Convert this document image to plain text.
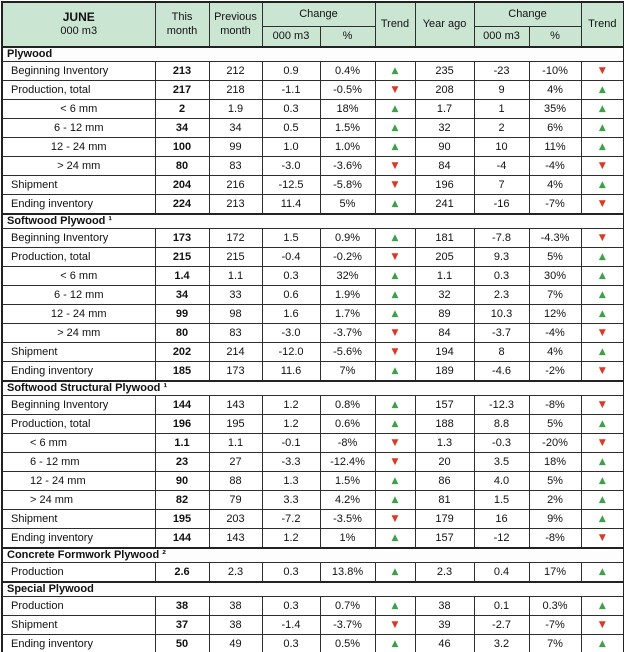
JUNE
000 m3	This month	Previous month	Change		Trend	Year ago	Change		Trend
			000 m3	%			000 m3	%	
Plywood									
Beginning Inventory	213	212	0.9	0.4%	▲	235	-23	-10%	▼
Production, total	217	218	-1.1	-0.5%	▼	208	9	4%	▲
< 6 mm	2	1.9	0.3	18%	▲	1.7	1	35%	▲
6 - 12 mm	34	34	0.5	1.5%	▲	32	2	6%	▲
12 - 24 mm	100	99	1.0	1.0%	▲	90	10	11%	▲
> 24 mm	80	83	-3.0	-3.6%	▼	84	-4	-4%	▼
Shipment	204	216	-12.5	-5.8%	▼	196	7	4%	▲
Ending inventory	224	213	11.4	5%	▲	241	-16	-7%	▼
Softwood Plywood ¹									
Beginning Inventory	173	172	1.5	0.9%	▲	181	-7.8	-4.3%	▼
Production, total	215	215	-0.4	-0.2%	▼	205	9.3	5%	▲
< 6 mm	1.4	1.1	0.3	32%	▲	1.1	0.3	30%	▲
6 - 12 mm	34	33	0.6	1.9%	▲	32	2.3	7%	▲
12 - 24 mm	99	98	1.6	1.7%	▲	89	10.3	12%	▲
> 24 mm	80	83	-3.0	-3.7%	▼	84	-3.7	-4%	▼
Shipment	202	214	-12.0	-5.6%	▼	194	8	4%	▲
Ending inventory	185	173	11.6	7%	▲	189	-4.6	-2%	▼
Softwood Structural Plywood ¹									
Beginning Inventory	144	143	1.2	0.8%	▲	157	-12.3	-8%	▼
Production, total	196	195	1.2	0.6%	▲	188	8.8	5%	▲
< 6 mm	1.1	1.1	-0.1	-8%	▼	1.3	-0.3	-20%	▼
6 - 12 mm	23	27	-3.3	-12.4%	▼	20	3.5	18%	▲
12 - 24 mm	90	88	1.3	1.5%	▲	86	4.0	5%	▲
> 24 mm	82	79	3.3	4.2%	▲	81	1.5	2%	▲
Shipment	195	203	-7.2	-3.5%	▼	179	16	9%	▲
Ending inventory	144	143	1.2	1%	▲	157	-12	-8%	▼
Concrete Formwork Plywood ²									
Production	2.6	2.3	0.3	13.8%	▲	2.3	0.4	17%	▲
Special Plywood									
Production	38	38	0.3	0.7%	▲	38	0.1	0.3%	▲
Shipment	37	38	-1.4	-3.7%	▼	39	-2.7	-7%	▼
Ending inventory	50	49	0.3	0.5%	▲	46	3.2	7%	▲
